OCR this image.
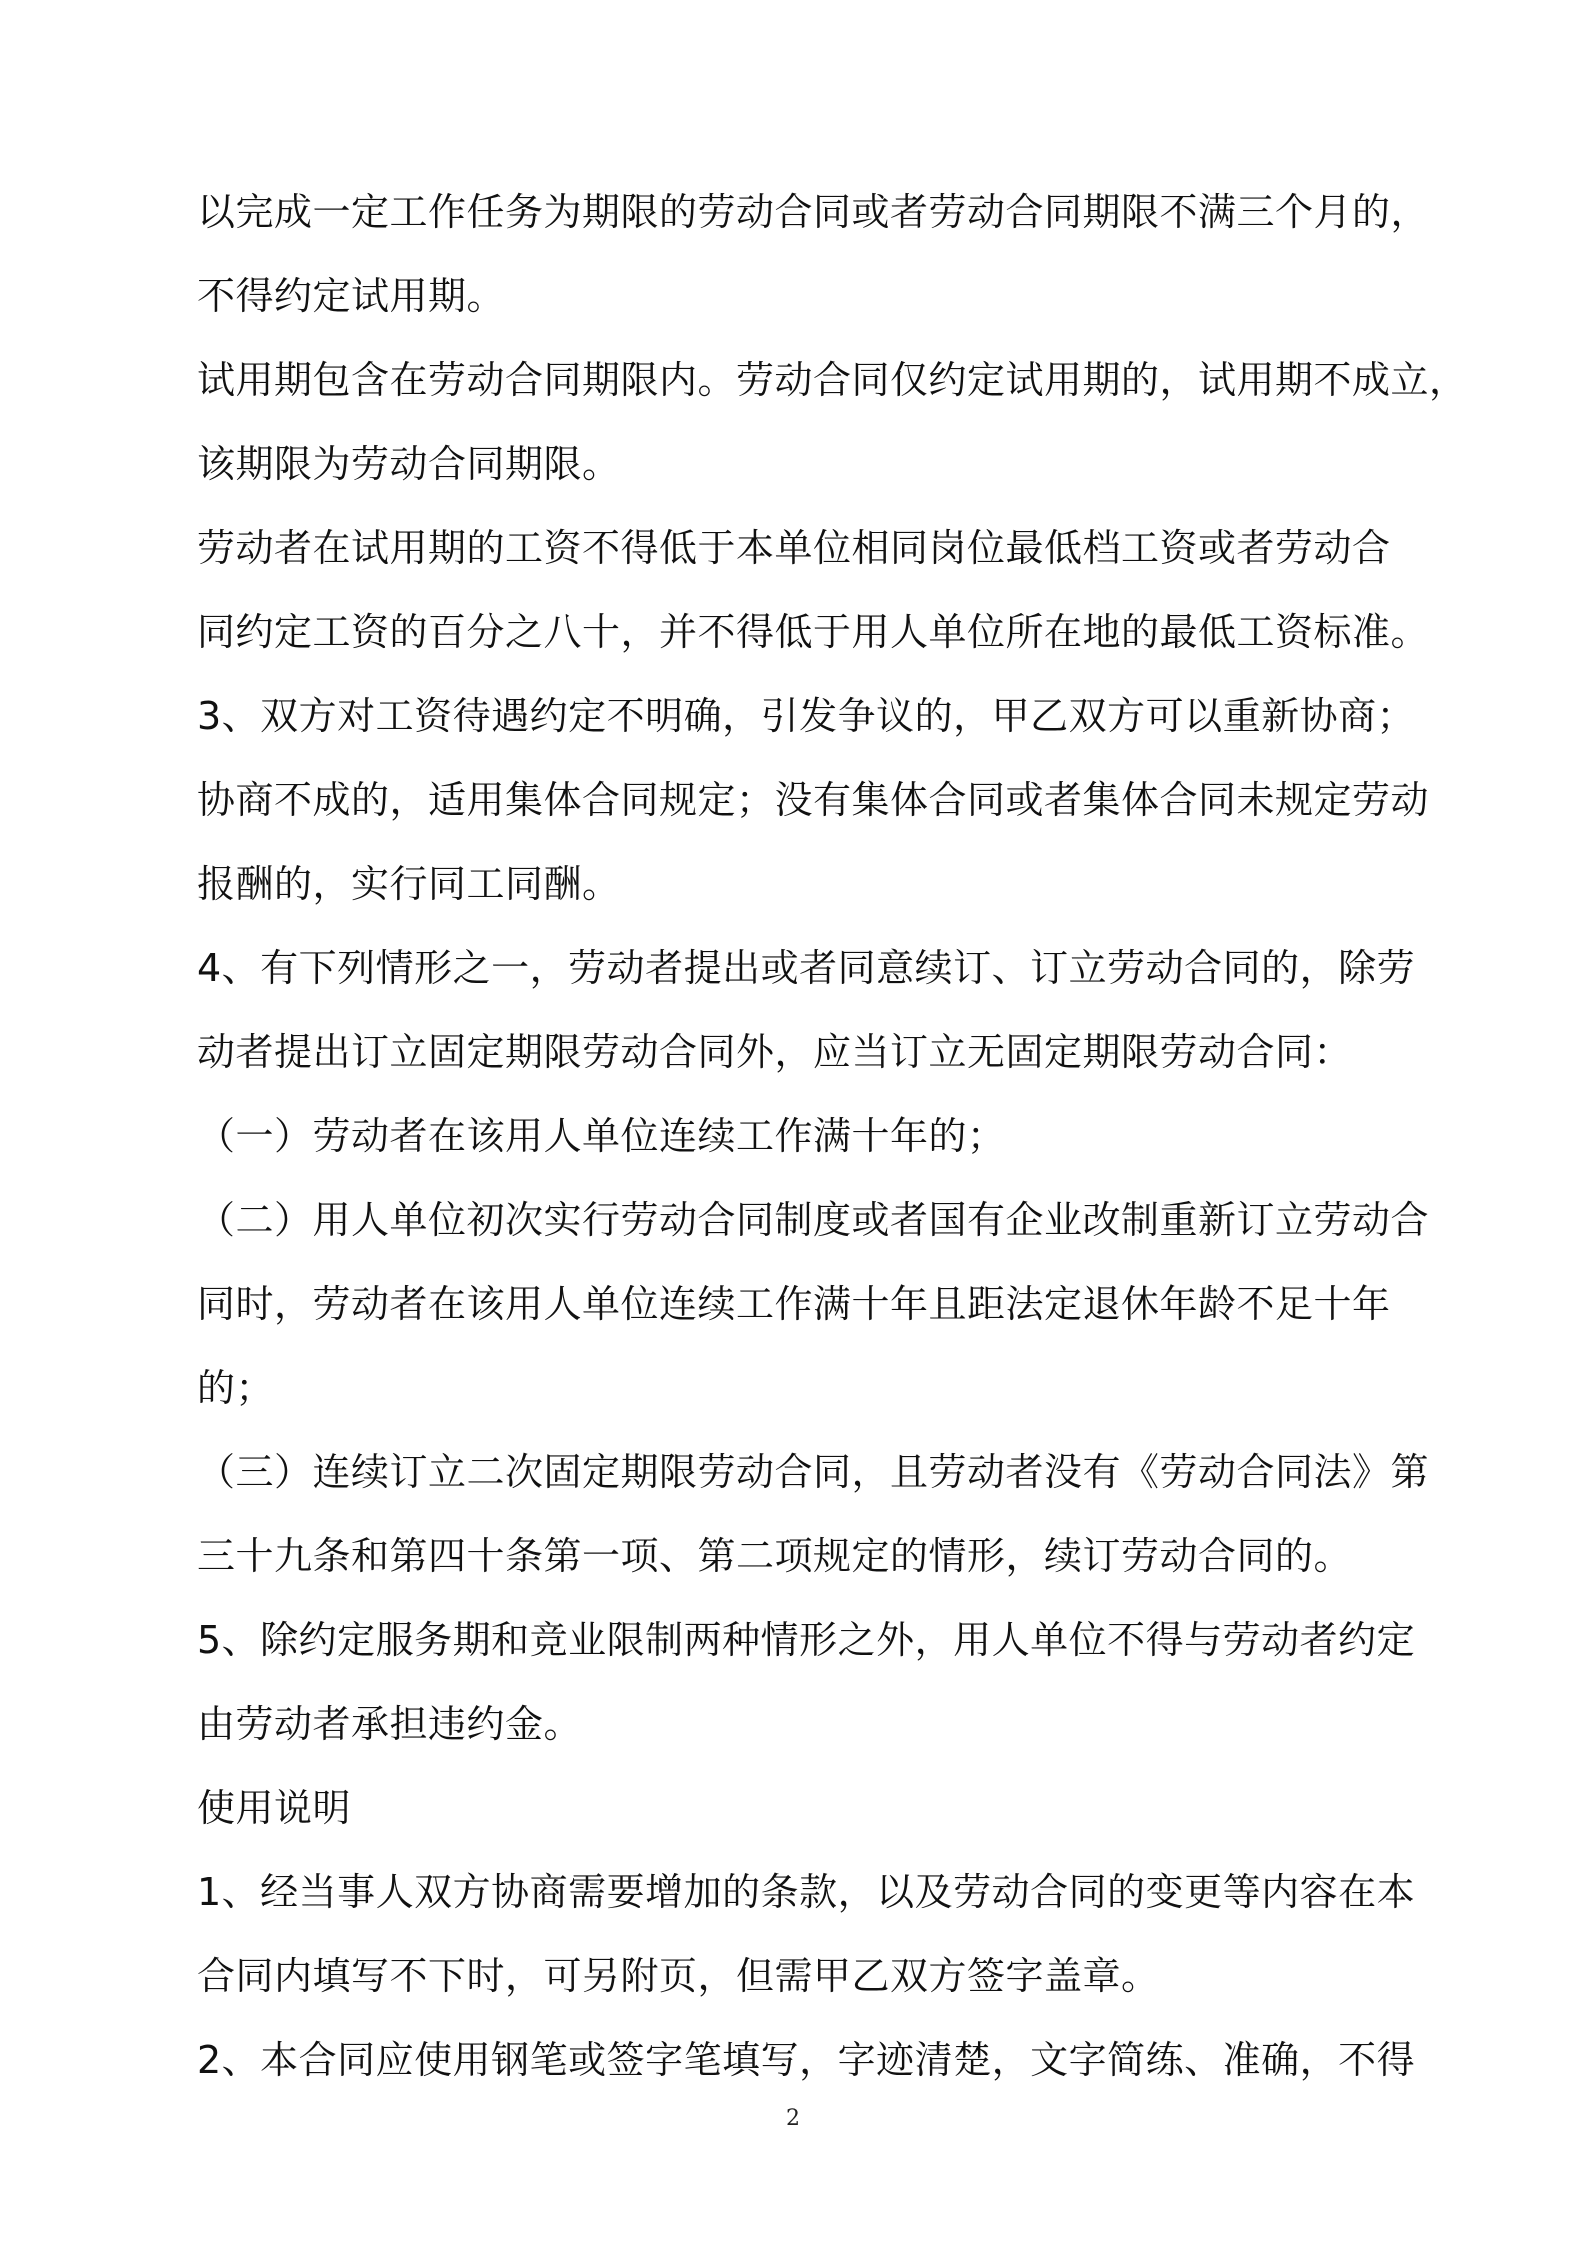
以完成一定工作任务为期限的劳动合同或者劳动合同期限不满三个月的，
不得约定试用期。
试用期包含在劳动合同期限内。劳动合同仅约定试用期的，试用期不成立，
该期限为劳动合同期限。
劳动者在试用期的工资不得低于本单位相同岗位最低档工资或者劳动合
同约定工资的百分之八十，并不得低于用人单位所在地的最低工资标准。
3、双方对工资待遇约定不明确，引发争议的，甲乙双方可以重新协商；
协商不成的，适用集体合同规定；没有集体合同或者集体合同未规定劳动
报酬的，实行同工同酬。
4、有下列情形之一，劳动者提出或者同意续订、订立劳动合同的，除劳
动者提出订立固定期限劳动合同外，应当订立无固定期限劳动合同：
（一）劳动者在该用人单位连续工作满十年的；
（二）用人单位初次实行劳动合同制度或者国有企业改制重新订立劳动合
同时，劳动者在该用人单位连续工作满十年且距法定退休年龄不足十年
的；
（三）连续订立二次固定期限劳动合同，且劳动者没有《劳动合同法》第
三十九条和第四十条第一项、第二项规定的情形，续订劳动合同的。
5、除约定服务期和竞业限制两种情形之外，用人单位不得与劳动者约定
由劳动者承担违约金。
使用说明
1、经当事人双方协商需要增加的条款，以及劳动合同的变更等内容在本
合同内填写不下时，可另附页，但需甲乙双方签字盖章。
2、本合同应使用钢笔或签字笔填写，字迹清楚，文字简练、准确，不得
2
